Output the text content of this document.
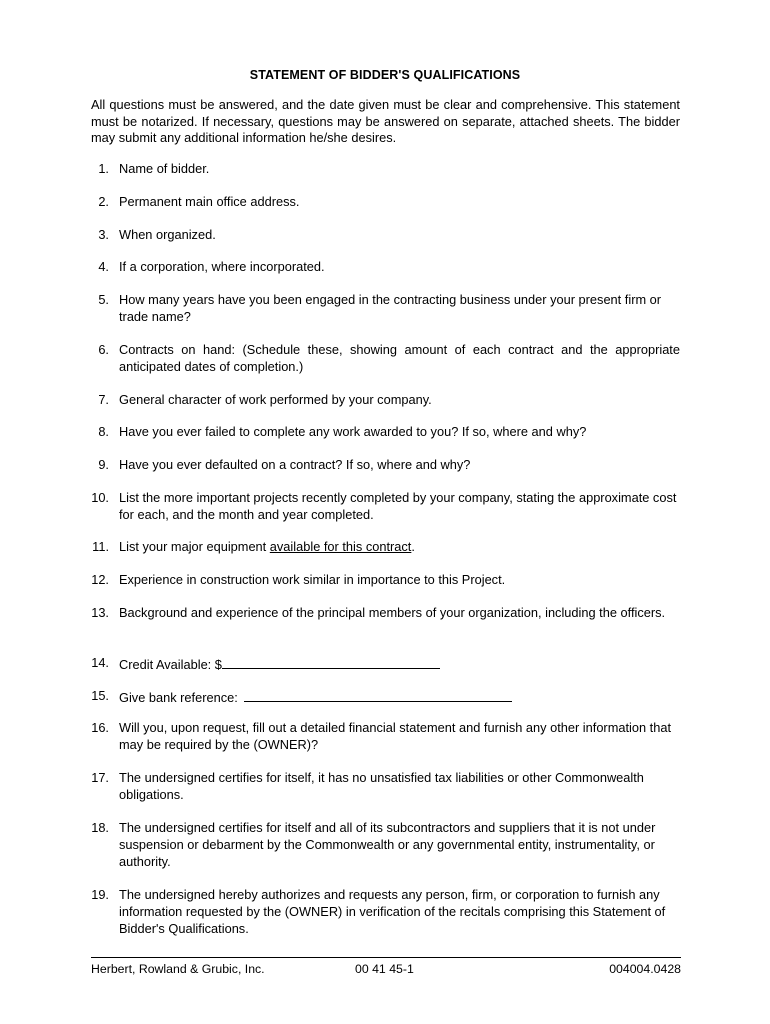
STATEMENT OF BIDDER'S QUALIFICATIONS
All questions must be answered, and the date given must be clear and comprehensive. This statement must be notarized. If necessary, questions may be answered on separate, attached sheets. The bidder may submit any additional information he/she desires.
1. Name of bidder.
2. Permanent main office address.
3. When organized.
4. If a corporation, where incorporated.
5. How many years have you been engaged in the contracting business under your present firm or trade name?
6. Contracts on hand: (Schedule these, showing amount of each contract and the appropriate anticipated dates of completion.)
7. General character of work performed by your company.
8. Have you ever failed to complete any work awarded to you? If so, where and why?
9. Have you ever defaulted on a contract? If so, where and why?
10. List the more important projects recently completed by your company, stating the approximate cost for each, and the month and year completed.
11. List your major equipment available for this contract.
12. Experience in construction work similar in importance to this Project.
13. Background and experience of the principal members of your organization, including the officers.
14. Credit Available: $
15. Give bank reference:
16. Will you, upon request, fill out a detailed financial statement and furnish any other information that may be required by the (OWNER)?
17. The undersigned certifies for itself, it has no unsatisfied tax liabilities or other Commonwealth obligations.
18. The undersigned certifies for itself and all of its subcontractors and suppliers that it is not under suspension or debarment by the Commonwealth or any governmental entity, instrumentality, or authority.
19. The undersigned hereby authorizes and requests any person, firm, or corporation to furnish any information requested by the (OWNER) in verification of the recitals comprising this Statement of Bidder's Qualifications.
Herbert, Rowland & Grubic, Inc.	00 41 45-1	004004.0428
